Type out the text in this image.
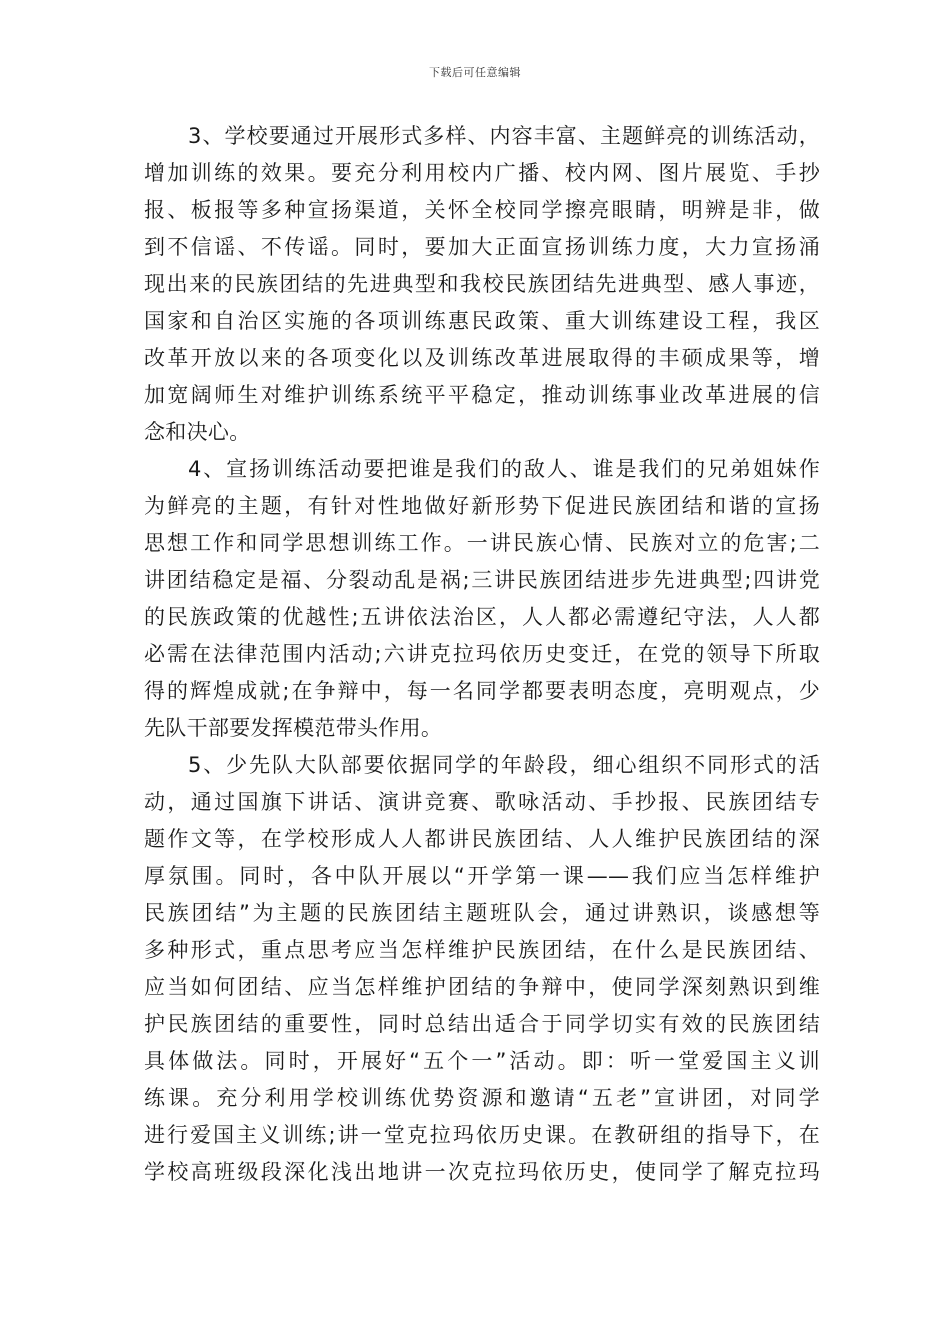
下载后可任意编辑
3、学校要通过开展形式多样、内容丰富、主题鲜亮的训练活动，
增加训练的效果。要充分利用校内广播、校内网、图片展览、手抄
报、板报等多种宣扬渠道，关怀全校同学擦亮眼睛，明辨是非，做
到不信谣、不传谣。同时，要加大正面宣扬训练力度，大力宣扬涌
现出来的民族团结的先进典型和我校民族团结先进典型、感人事迹，
国家和自治区实施的各项训练惠民政策、重大训练建设工程，我区
改革开放以来的各项变化以及训练改革进展取得的丰硕成果等，增
加宽阔师生对维护训练系统平平稳定，推动训练事业改革进展的信
念和决心。
4、宣扬训练活动要把谁是我们的敌人、谁是我们的兄弟姐妹作
为鲜亮的主题，有针对性地做好新形势下促进民族团结和谐的宣扬
思想工作和同学思想训练工作。一讲民族心情、民族对立的危害;二
讲团结稳定是福、分裂动乱是祸;三讲民族团结进步先进典型;四讲党
的民族政策的优越性;五讲依法治区，人人都必需遵纪守法，人人都
必需在法律范围内活动;六讲克拉玛依历史变迁，在党的领导下所取
得的辉煌成就;在争辩中，每一名同学都要表明态度，亮明观点，少
先队干部要发挥模范带头作用。
5、少先队大队部要依据同学的年龄段，细心组织不同形式的活
动，通过国旗下讲话、演讲竞赛、歌咏活动、手抄报、民族团结专
题作文等，在学校形成人人都讲民族团结、人人维护民族团结的深
厚氛围。同时，各中队开展以“开学第一课——我们应当怎样维护
民族团结”为主题的民族团结主题班队会，通过讲熟识，谈感想等
多种形式，重点思考应当怎样维护民族团结，在什么是民族团结、
应当如何团结、应当怎样维护团结的争辩中，使同学深刻熟识到维
护民族团结的重要性，同时总结出适合于同学切实有效的民族团结
具体做法。同时，开展好“五个一”活动。即：听一堂爱国主义训
练课。充分利用学校训练优势资源和邀请“五老”宣讲团，对同学
进行爱国主义训练;讲一堂克拉玛依历史课。在教研组的指导下，在
学校高班级段深化浅出地讲一次克拉玛依历史，使同学了解克拉玛
